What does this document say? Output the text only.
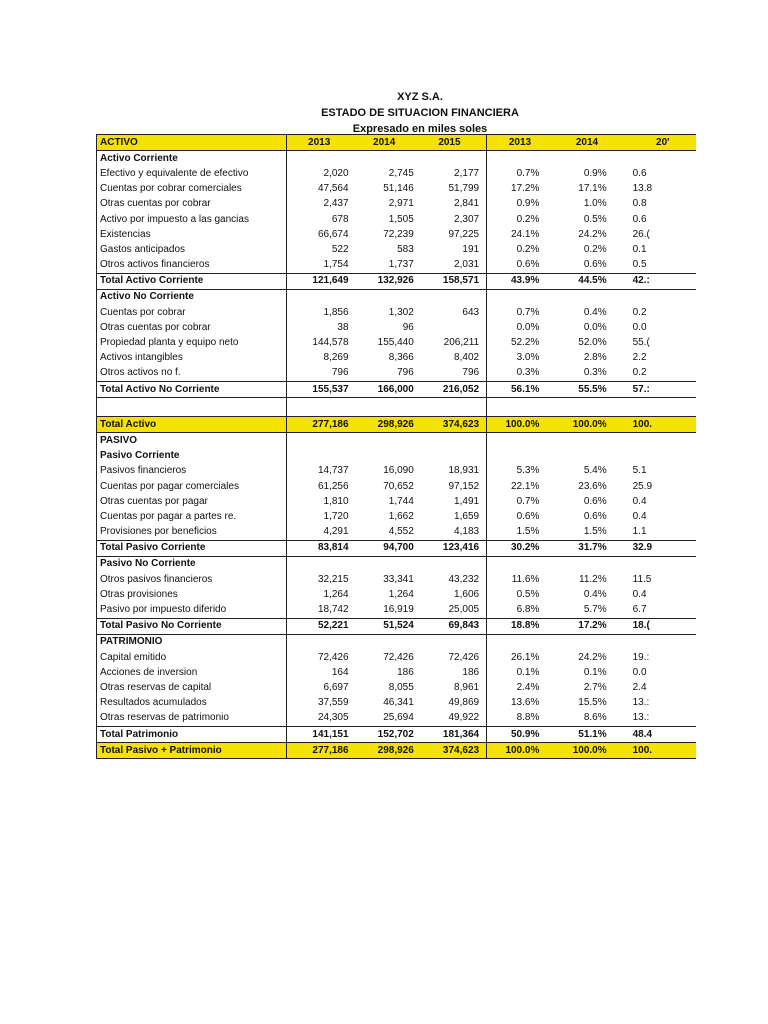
XYZ S.A.
ESTADO DE SITUACION FINANCIERA
Expresado en miles soles
ACTIVO	2013	2014	2015		2013	2014	20'
Activo Corriente							
Efectivo y equivalente de efectivo	2,020	2,745	2,177		0.7%	0.9%	0.6
Cuentas por cobrar comerciales	47,564	51,146	51,799		17.2%	17.1%	13.8
Otras cuentas por cobrar	2,437	2,971	2,841		0.9%	1.0%	0.8
Activo por impuesto a las gancias	678	1,505	2,307		0.2%	0.5%	0.6
Existencias	66,674	72,239	97,225		24.1%	24.2%	26.(
Gastos anticipados	522	583	191		0.2%	0.2%	0.1
Otros activos financieros	1,754	1,737	2,031		0.6%	0.6%	0.5
Total Activo Corriente	121,649	132,926	158,571		43.9%	44.5%	42.:
Activo No Corriente							
Cuentas por cobrar	1,856	1,302	643		0.7%	0.4%	0.2
Otras cuentas por cobrar	38	96			0.0%	0.0%	0.0
Propiedad planta y equipo neto	144,578	155,440	206,211		52.2%	52.0%	55.(
Activos intangibles	8,269	8,366	8,402		3.0%	2.8%	2.2
Otros activos no f.	796	796	796		0.3%	0.3%	0.2
Total Activo No Corriente	155,537	166,000	216,052		56.1%	55.5%	57.:

Total Activo	277,186	298,926	374,623		100.0%	100.0%	100.
PASIVO							
Pasivo Corriente							
Pasivos financieros	14,737	16,090	18,931		5.3%	5.4%	5.1
Cuentas por pagar comerciales	61,256	70,652	97,152		22.1%	23.6%	25.9
Otras cuentas por pagar	1,810	1,744	1,491		0.7%	0.6%	0.4
Cuentas por pagar a partes re.	1,720	1,662	1,659		0.6%	0.6%	0.4
Provisiones por beneficios	4,291	4,552	4,183		1.5%	1.5%	1.1
Total Pasivo Corriente	83,814	94,700	123,416		30.2%	31.7%	32.9
Pasivo No Corriente							
Otros pasivos financieros	32,215	33,341	43,232		11.6%	11.2%	11.5
Otras provisiones	1,264	1,264	1,606		0.5%	0.4%	0.4
Pasivo por impuesto diferido	18,742	16,919	25,005		6.8%	5.7%	6.7
Total Pasivo No Corriente	52,221	51,524	69,843		18.8%	17.2%	18.(
PATRIMONIO							
Capital emitido	72,426	72,426	72,426		26.1%	24.2%	19.:
Acciones de inversion	164	186	186		0.1%	0.1%	0.0
Otras reservas de capital	6,697	8,055	8,961		2.4%	2.7%	2.4
Resultados acumulados	37,559	46,341	49,869		13.6%	15.5%	13.:
Otras reservas de patrimonio	24,305	25,694	49,922		8.8%	8.6%	13.:
Total Patrimonio	141,151	152,702	181,364		50.9%	51.1%	48.4
Total Pasivo + Patrimonio	277,186	298,926	374,623		100.0%	100.0%	100.
